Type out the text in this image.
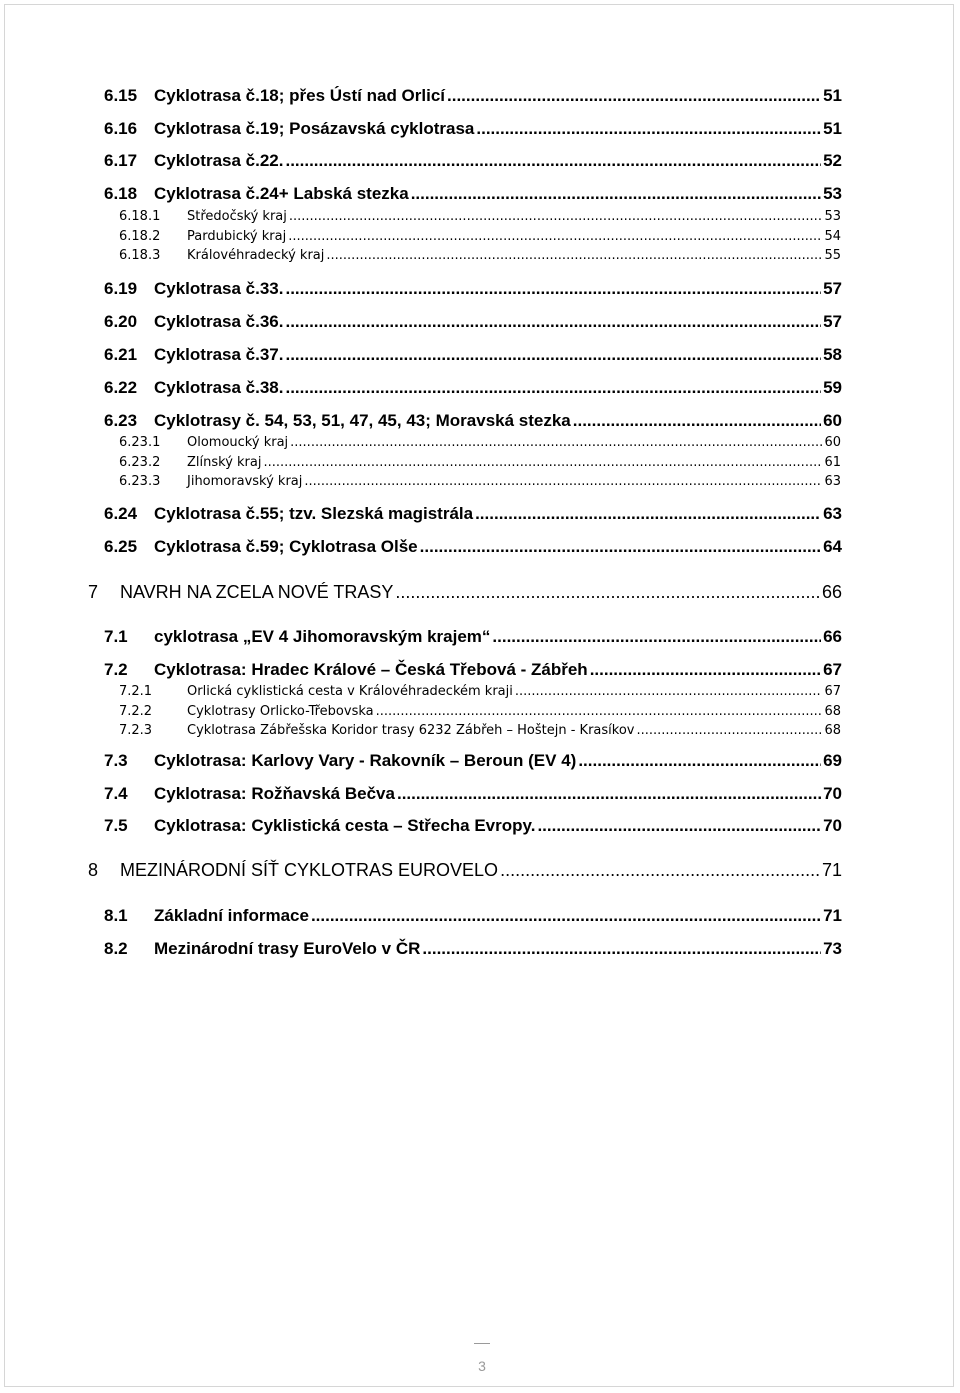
6.15 Cyklotrasa č.18; přes Ústí nad Orlicí .....	51
6.16 Cyklotrasa č.19; Posázavská cyklotrasa .....	51
6.17 Cyklotrasa č.22. .....	52
6.18 Cyklotrasa č.24+ Labská stezka .....	53
6.18.1	Středočský kraj .....	53
6.18.2	Pardubický kraj .....	54
6.18.3	Královéhradecký kraj .....	55
6.19 Cyklotrasa č.33. .....	57
6.20 Cyklotrasa č.36. .....	57
6.21 Cyklotrasa č.37. .....	58
6.22 Cyklotrasa č.38. .....	59
6.23 Cyklotrasy č. 54, 53, 51, 47, 45, 43; Moravská stezka .....	60
6.23.1	Olomoucký kraj .....	60
6.23.2	Zlínský kraj .....	61
6.23.3	Jihomoravský kraj .....	63
6.24 Cyklotrasa č.55; tzv. Slezská magistrála .....	63
6.25 Cyklotrasa č.59; Cyklotrasa Olše .....	64
7	NAVRH NA ZCELA NOVÉ TRASY .....	66
7.1	cyklotrasa „EV 4 Jihomoravským krajem“ .....	66
7.2	Cyklotrasa: Hradec Králové – Česká Třebová - Zábřeh .....	67
7.2.1	Orlická cyklistická cesta v Královéhradeckém kraji .....	67
7.2.2	Cyklotrasy Orlicko-Třebovska .....	68
7.2.3	Cyklotrasa Zábřešska Koridor trasy 6232 Zábřeh – Hoštejn - Krasíkov .....	68
7.3	Cyklotrasa: Karlovy Vary - Rakovník – Beroun (EV 4) .....	69
7.4	Cyklotrasa: Rožňavská Bečva .....	70
7.5	Cyklotrasa: Cyklistická cesta – Střecha Evropy. .....	70
8	MEZINÁRODNÍ SÍŤ CYKLOTRAS EUROVELO .....	71
8.1	Základní informace .....	71
8.2	Mezinárodní trasy EuroVelo v ČR .....	73
3
